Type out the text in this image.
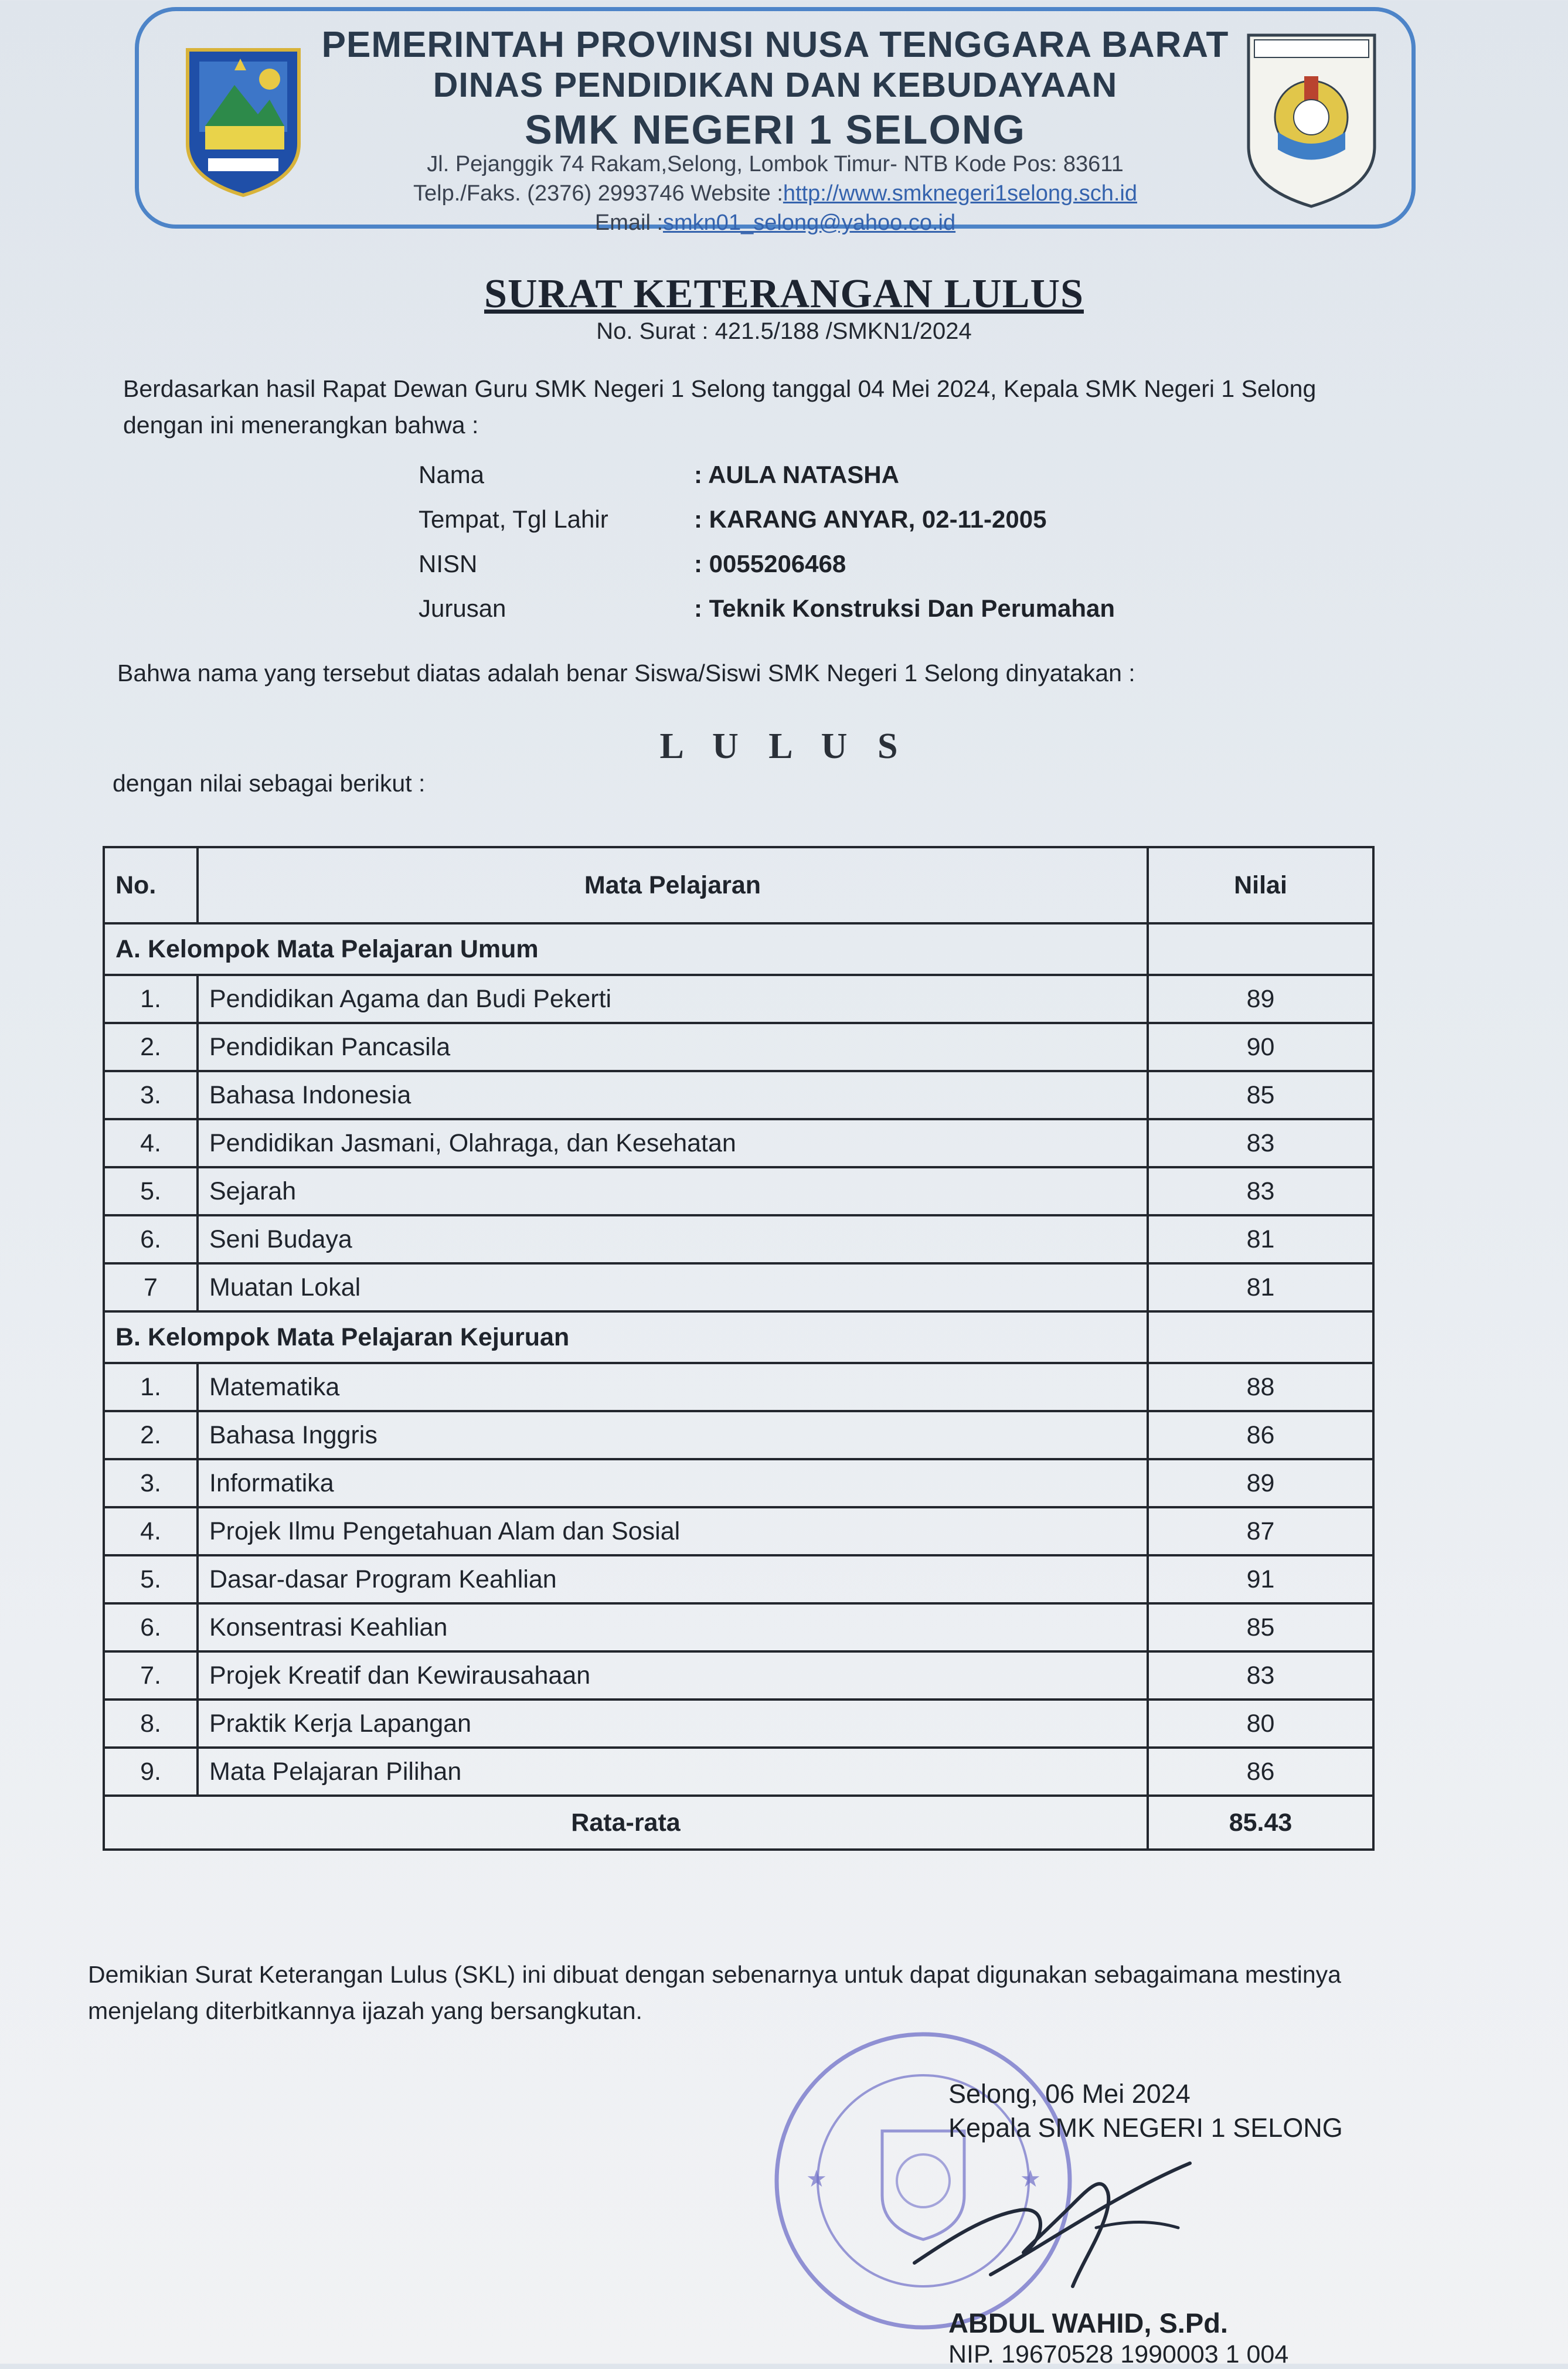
PEMERINTAH PROVINSI NUSA TENGGARA BARAT
DINAS PENDIDIKAN DAN KEBUDAYAAN
SMK NEGERI 1 SELONG
Jl. Pejanggik 74 Rakam,Selong, Lombok Timur- NTB Kode Pos: 83611
Telp./Faks. (2376) 2993746 Website :http://www.smknegeri1selong.sch.id
Email :smkn01_selong@yahoo.co.id
SURAT KETERANGAN LULUS
No. Surat : 421.5/188 /SMKN1/2024
Berdasarkan hasil Rapat Dewan Guru SMK Negeri 1 Selong tanggal 04 Mei 2024, Kepala SMK Negeri 1 Selong dengan ini menerangkan bahwa :
Nama	: AULA NATASHA
Tempat, Tgl Lahir	: KARANG ANYAR, 02-11-2005
NISN	: 0055206468
Jurusan	: Teknik Konstruksi Dan Perumahan
Bahwa nama yang tersebut diatas adalah benar Siswa/Siswi SMK Negeri 1 Selong dinyatakan :
L U L U S
dengan nilai sebagai berikut :
No.	Mata Pelajaran	Nilai
A. Kelompok Mata Pelajaran Umum		
1.	Pendidikan Agama dan Budi Pekerti	89
2.	Pendidikan Pancasila	90
3.	Bahasa Indonesia	85
4.	Pendidikan Jasmani, Olahraga, dan Kesehatan	83
5.	Sejarah	83
6.	Seni Budaya	81
7	Muatan Lokal	81
B. Kelompok Mata Pelajaran Kejuruan		
1.	Matematika	88
2.	Bahasa Inggris	86
3.	Informatika	89
4.	Projek Ilmu Pengetahuan Alam dan Sosial	87
5.	Dasar-dasar Program Keahlian	91
6.	Konsentrasi Keahlian	85
7.	Projek Kreatif dan Kewirausahaan	83
8.	Praktik Kerja Lapangan	80
9.	Mata Pelajaran Pilihan	86
Rata-rata		85.43
Demikian Surat Keterangan Lulus (SKL) ini dibuat dengan sebenarnya untuk dapat digunakan sebagaimana mestinya menjelang diterbitkannya ijazah yang bersangkutan.
★	★
Selong, 06 Mei 2024
Kepala SMK NEGERI 1 SELONG
ABDUL WAHID, S.Pd.
NIP. 19670528 1990003 1 004
